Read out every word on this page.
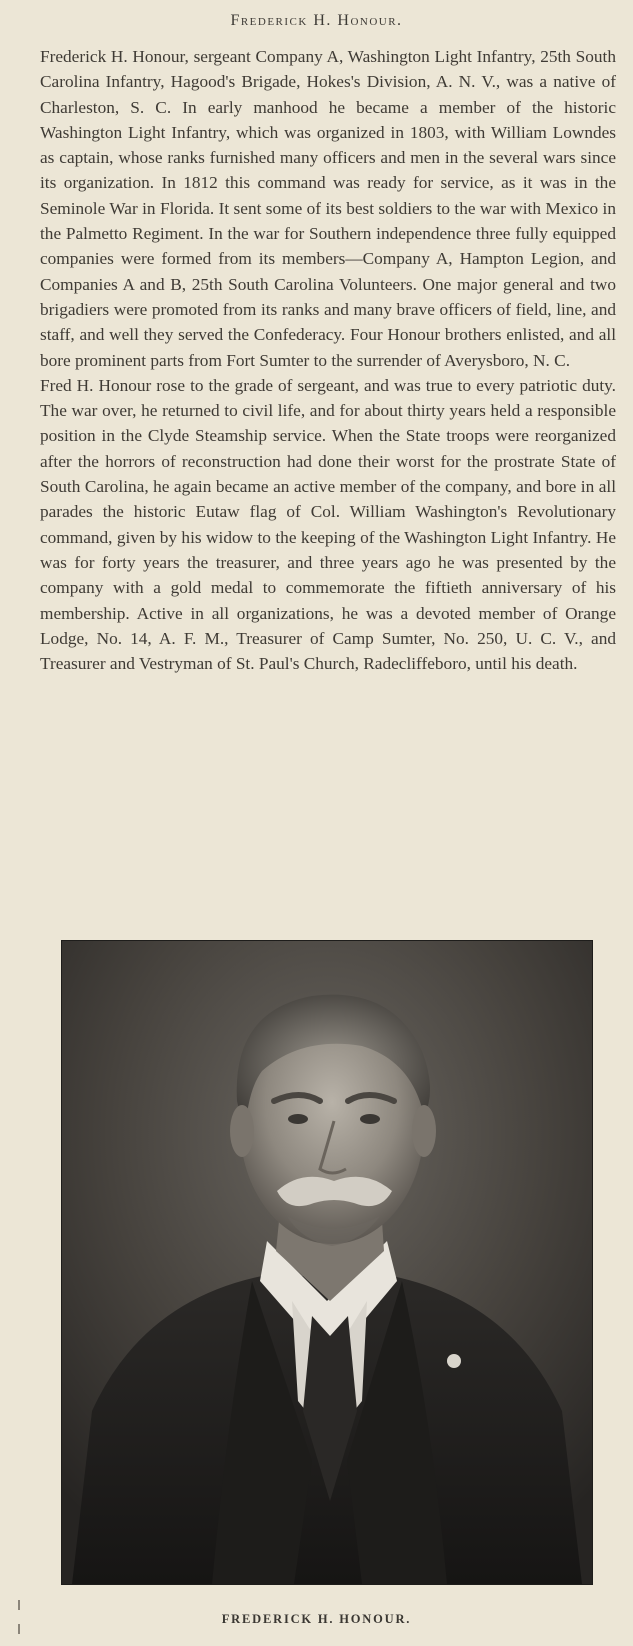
Frederick H. Honour.

Frederick H. Honour, sergeant Company A, Washington Light Infantry, 25th South Carolina Infantry, Hagood's Brigade, Hokes's Division, A. N. V., was a native of Charleston, S. C. In early manhood he became a member of the historic Washington Light Infantry, which was organized in 1803, with William Lowndes as captain, whose ranks furnished many officers and men in the several wars since its organization. In 1812 this command was ready for service, as it was in the Seminole War in Florida. It sent some of its best soldiers to the war with Mexico in the Palmetto Regiment. In the war for Southern independence three fully equipped companies were formed from its members—Company A, Hampton Legion, and Companies A and B, 25th South Carolina Volunteers. One major general and two brigadiers were promoted from its ranks and many brave officers of field, line, and staff, and well they served the Confederacy. Four Honour brothers enlisted, and all bore prominent parts from Fort Sumter to the surrender of Averysboro, N. C.

Fred H. Honour rose to the grade of sergeant, and was true to every patriotic duty. The war over, he returned to civil life, and for about thirty years held a responsible position in the Clyde Steamship service. When the State troops were reorganized after the horrors of reconstruction had done their worst for the prostrate State of South Carolina, he again became an active member of the company, and bore in all parades the historic Eutaw flag of Col. William Washington's Revolutionary command, given by his widow to the keeping of the Washington Light Infantry. He was for forty years the treasurer, and three years ago he was presented by the company with a gold medal to commemorate the fiftieth anniversary of his membership. Active in all organizations, he was a devoted member of Orange Lodge, No. 14, A. F. M., Treasurer of Camp Sumter, No. 250, U. C. V., and Treasurer and Vestryman of St. Paul's Church, Radecliffeboro, until his death.

FREDERICK H. HONOUR.
